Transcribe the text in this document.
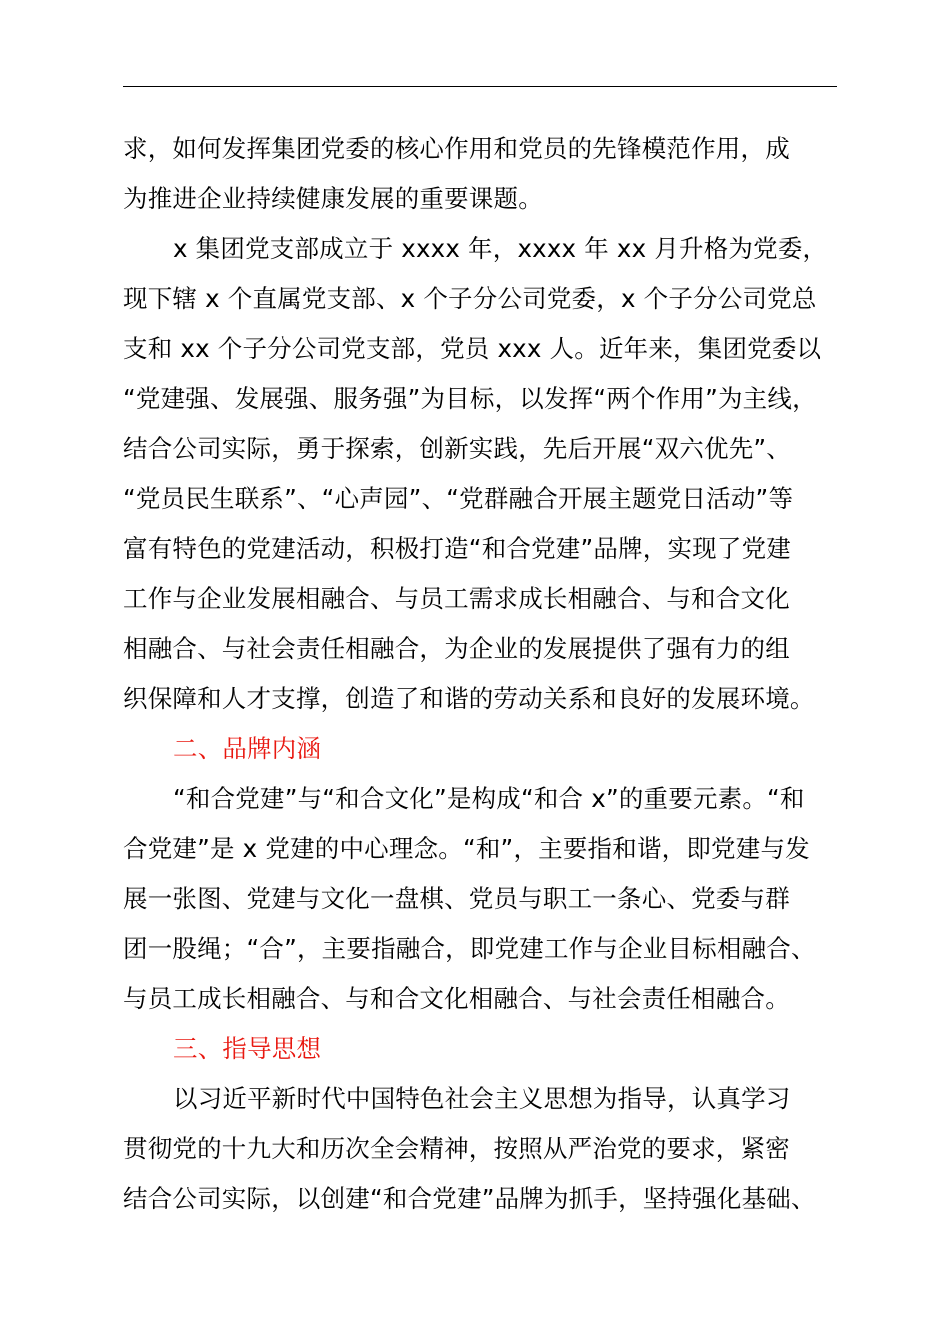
求，如何发挥集团党委的核心作用和党员的先锋模范作用，成
为推进企业持续健康发展的重要课题。
x 集团党支部成立于 xxxx 年，xxxx 年 xx 月升格为党委，
现下辖 x 个直属党支部、x 个子分公司党委，x 个子分公司党总
支和 xx 个子分公司党支部，党员 xxx 人。近年来，集团党委以
“党建强、发展强、服务强”为目标，以发挥“两个作用”为主线，
结合公司实际，勇于探索，创新实践，先后开展“双六优先”、
“党员民生联系”、“心声园”、“党群融合开展主题党日活动”等
富有特色的党建活动，积极打造“和合党建”品牌，实现了党建
工作与企业发展相融合、与员工需求成长相融合、与和合文化
相融合、与社会责任相融合，为企业的发展提供了强有力的组
织保障和人才支撑，创造了和谐的劳动关系和良好的发展环境。
二、品牌内涵
“和合党建”与“和合文化”是构成“和合 x”的重要元素。“和
合党建”是 x 党建的中心理念。“和”，主要指和谐，即党建与发
展一张图、党建与文化一盘棋、党员与职工一条心、党委与群
团一股绳；“合”，主要指融合，即党建工作与企业目标相融合、
与员工成长相融合、与和合文化相融合、与社会责任相融合。
三、指导思想
以习近平新时代中国特色社会主义思想为指导，认真学习
贯彻党的十九大和历次全会精神，按照从严治党的要求，紧密
结合公司实际，以创建“和合党建”品牌为抓手，坚持强化基础、
